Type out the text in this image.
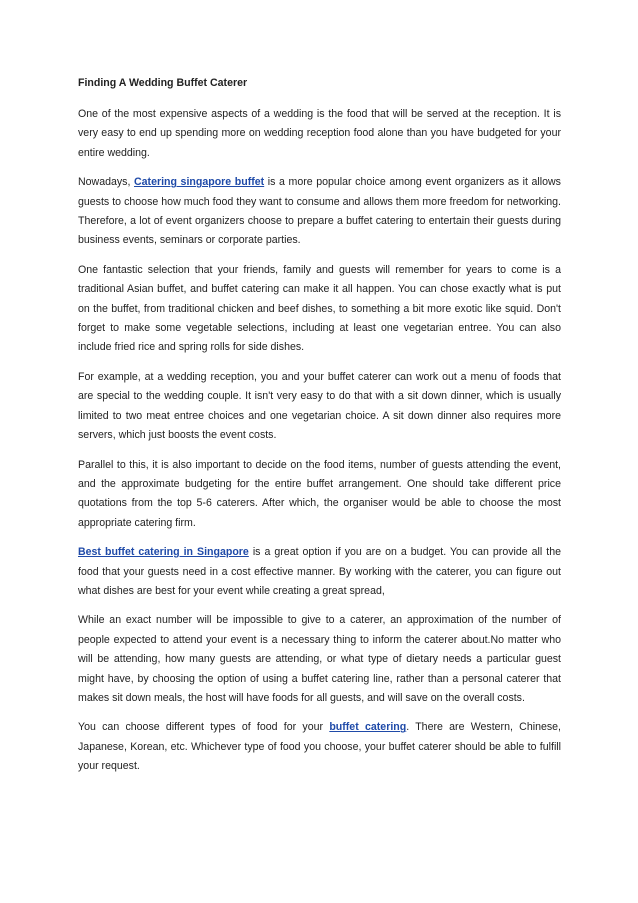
Finding A Wedding Buffet Caterer

One of the most expensive aspects of a wedding is the food that will be served at the reception. It is very easy to end up spending more on wedding reception food alone than you have budgeted for your entire wedding.

Nowadays, Catering singapore buffet is a more popular choice among event organizers as it allows guests to choose how much food they want to consume and allows them more freedom for networking. Therefore, a lot of event organizers choose to prepare a buffet catering to entertain their guests during business events, seminars or corporate parties.

One fantastic selection that your friends, family and guests will remember for years to come is a traditional Asian buffet, and buffet catering can make it all happen. You can chose exactly what is put on the buffet, from traditional chicken and beef dishes, to something a bit more exotic like squid. Don't forget to make some vegetable selections, including at least one vegetarian entree. You can also include fried rice and spring rolls for side dishes.

For example, at a wedding reception, you and your buffet caterer can work out a menu of foods that are special to the wedding couple. It isn't very easy to do that with a sit down dinner, which is usually limited to two meat entree choices and one vegetarian choice. A sit down dinner also requires more servers, which just boosts the event costs.

Parallel to this, it is also important to decide on the food items, number of guests attending the event, and the approximate budgeting for the entire buffet arrangement. One should take different price quotations from the top 5-6 caterers. After which, the organiser would be able to choose the most appropriate catering firm.

Best buffet catering in Singapore is a great option if you are on a budget. You can provide all the food that your guests need in a cost effective manner. By working with the caterer, you can figure out what dishes are best for your event while creating a great spread,

While an exact number will be impossible to give to a caterer, an approximation of the number of people expected to attend your event is a necessary thing to inform the caterer about.No matter who will be attending, how many guests are attending, or what type of dietary needs a particular guest might have, by choosing the option of using a buffet catering line, rather than a personal caterer that makes sit down meals, the host will have foods for all guests, and will save on the overall costs.

You can choose different types of food for your buffet catering. There are Western, Chinese, Japanese, Korean, etc. Whichever type of food you choose, your buffet caterer should be able to fulfill your request.
